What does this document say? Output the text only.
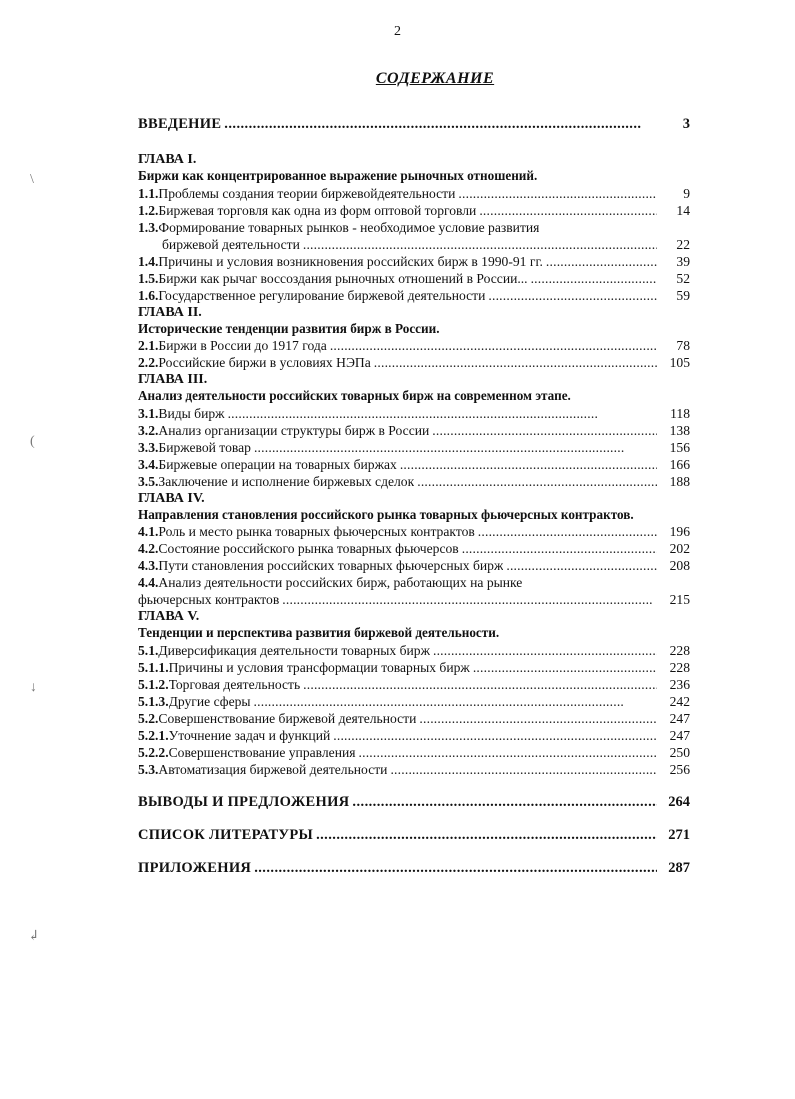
2
СОДЕРЖАНИЕ
\
(
↓
↲
ВВЕДЕНИЕ . . .	3
ГЛАВА I.
Биржи как концентрированное выражение рыночных отношений.
1.1. Проблемы создания теории биржевойдеятельности . . .	9
1.2. Биржевая торговля как одна из форм оптовой торговли . . .	14
1.3. Формирование товарных рынков - необходимое условие развития
биржевой деятельности . . .	22
1.4. Причины и условия возникновения российских бирж в 1990-91 гг. . . .	39
1.5. Биржи как рычаг воссоздания рыночных отношений в России... . . .	52
1.6. Государственное регулирование биржевой деятельности . . .	59
ГЛАВА II.
Исторические тенденции развития бирж в России.
2.1. Биржи в России до 1917 года . . .	78
2.2. Российские биржи в условиях НЭПа . . .	105
ГЛАВА III.
Анализ деятельности российских товарных бирж на современном этапе.
3.1. Виды бирж . . .	118
3.2. Анализ организации структуры бирж в России . . .	138
3.3. Биржевой товар . . .	156
3.4. Биржевые операции на товарных биржах . . .	166
3.5. Заключение и исполнение биржевых сделок . . .	188
ГЛАВА IV.
Направления становления российского рынка товарных фьючерсных контрактов.
4.1. Роль и место рынка товарных фьючерсных контрактов . . .	196
4.2. Состояние российского рынка товарных фьючерсов . . .	202
4.3. Пути становления российских товарных фьючерсных бирж . . .	208
4.4. Анализ деятельности российских бирж, работающих на рынке
фьючерсных контрактов . . .	215
ГЛАВА V.
Тенденции и перспектива развития биржевой деятельности.
5.1. Диверсификация деятельности товарных бирж . . .	228
5.1.1. Причины и условия трансформации товарных бирж . . .	228
5.1.2. Торговая деятельность . . .	236
5.1.3. Другие сферы . . .	242
5.2. Совершенствование биржевой деятельности . . .	247
5.2.1. Уточнение задач и функций . . .	247
5.2.2. Совершенствование управления . . .	250
5.3. Автоматизация биржевой деятельности . . .	256
ВЫВОДЫ И ПРЕДЛОЖЕНИЯ . . .	264
СПИСОК ЛИТЕРАТУРЫ . . .	271
ПРИЛОЖЕНИЯ . . .	287
